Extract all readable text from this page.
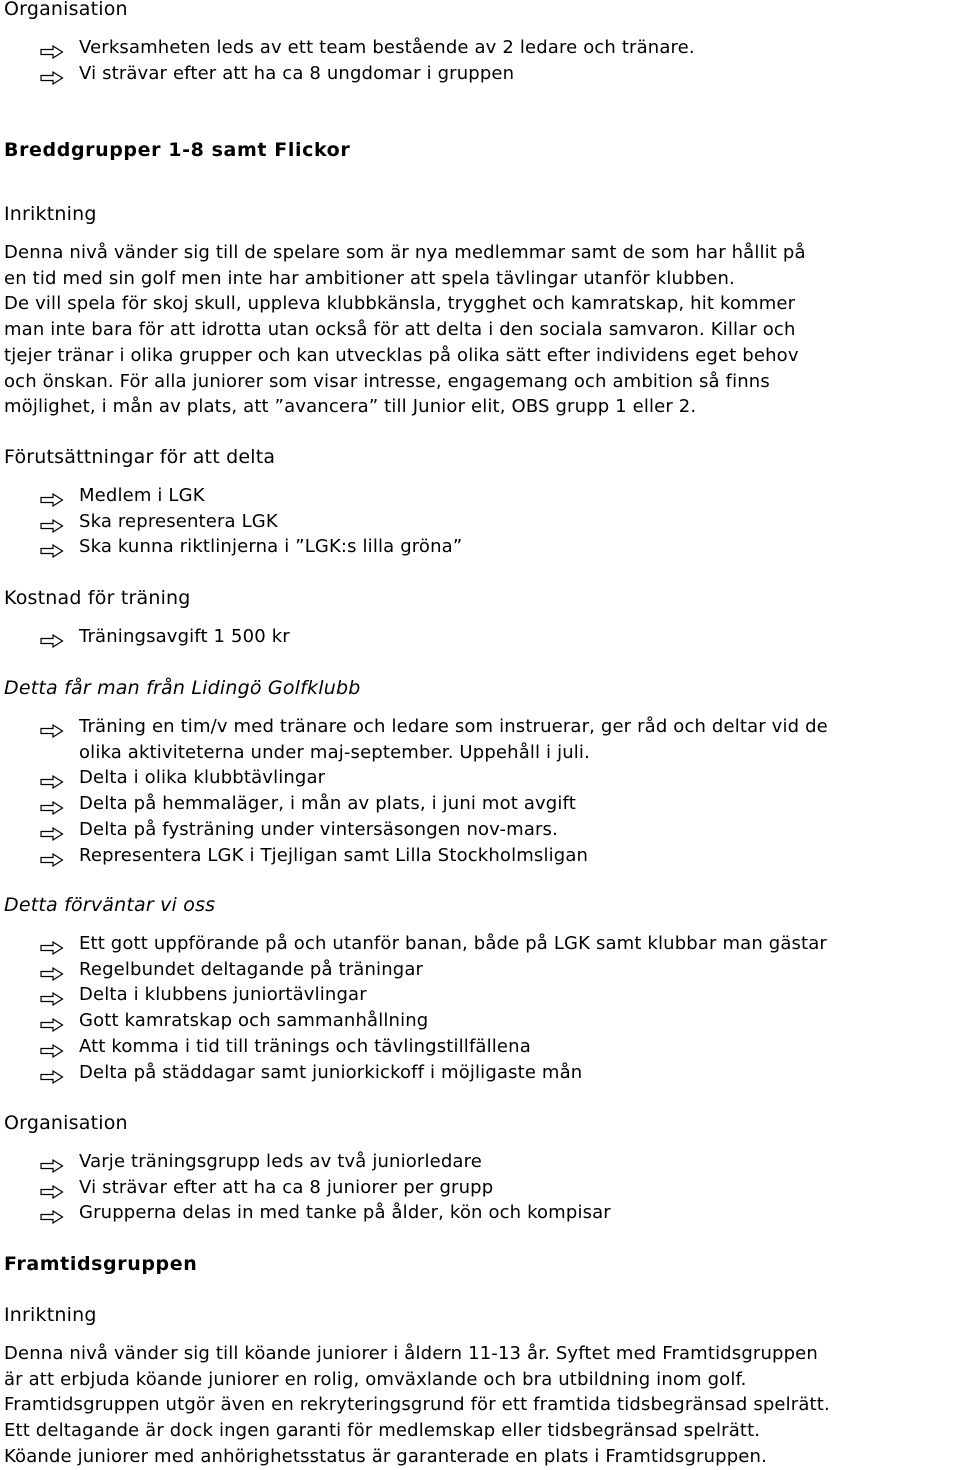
Organisation
Verksamheten leds av ett team bestående av 2 ledare och tränare.
Vi strävar efter att ha ca 8 ungdomar i gruppen
Breddgrupper 1-8 samt Flickor
Inriktning
Denna nivå vänder sig till de spelare som är nya medlemmar samt de som har hållit på
en tid med sin golf men inte har ambitioner att spela tävlingar utanför klubben.
De vill spela för skoj skull, uppleva klubbkänsla, trygghet och kamratskap, hit kommer
man inte bara för att idrotta utan också för att delta i den sociala samvaron. Killar och
tjejer tränar i olika grupper och kan utvecklas på olika sätt efter individens eget behov
och önskan. För alla juniorer som visar intresse, engagemang och ambition så finns
möjlighet, i mån av plats, att ”avancera” till Junior elit, OBS grupp 1 eller 2.
Förutsättningar för att delta
Medlem i LGK
Ska representera LGK
Ska kunna riktlinjerna i ”LGK:s lilla gröna”
Kostnad för träning
Träningsavgift 1 500 kr
Detta får man från Lidingö Golfklubb
Träning en tim/v med tränare och ledare som instruerar, ger råd och deltar vid de
olika aktiviteterna under maj-september. Uppehåll i juli.
Delta i olika klubbtävlingar
Delta på hemmaläger, i mån av plats, i juni mot avgift
Delta på fysträning under vintersäsongen nov-mars.
Representera LGK i Tjejligan samt Lilla Stockholmsligan
Detta förväntar vi oss
Ett gott uppförande på och utanför banan, både på LGK samt klubbar man gästar
Regelbundet deltagande på träningar
Delta i klubbens juniortävlingar
Gott kamratskap och sammanhållning
Att komma i tid till tränings och tävlingstillfällena
Delta på städdagar samt juniorkickoff i möjligaste mån
Organisation
Varje träningsgrupp leds av två juniorledare
Vi strävar efter att ha ca 8 juniorer per grupp
Grupperna delas in med tanke på ålder, kön och kompisar
Framtidsgruppen
Inriktning
Denna nivå vänder sig till köande juniorer i åldern 11-13 år. Syftet med Framtidsgruppen
är att erbjuda köande juniorer en rolig, omväxlande och bra utbildning inom golf.
Framtidsgruppen utgör även en rekryteringsgrund för ett framtida tidsbegränsad spelrätt.
Ett deltagande är dock ingen garanti för medlemskap eller tidsbegränsad spelrätt.
Köande juniorer med anhörighetsstatus är garanterade en plats i Framtidsgruppen.
